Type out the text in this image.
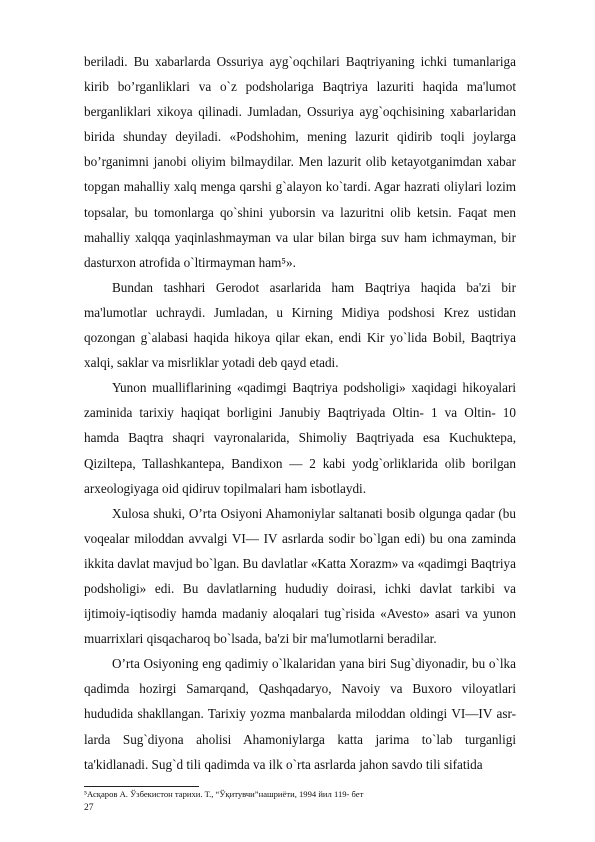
beriladi. Bu xabarlarda Ossuriya ayg`oqchilari Baqtriyaning ichki tumanlariga kirib bo’rganliklari va o`z podsholariga Baqtriya lazuriti haqida ma'lumot berganliklari xikoya qilinadi. Jumladan, Ossuriya ayg`oqchisining xabarlaridan birida shunday deyiladi. «Podshohim, mening lazurit qidirib toqli joylarga bo’rganimni janobi oliyim bilmaydilar. Men lazurit olib ketayotganimdan xabar topgan mahalliy xalq menga qarshi g`alayon ko`tardi. Agar hazrati oliylari lozim topsalar, bu tomonlarga qo`shini yuborsin va lazuritni olib ketsin. Faqat men mahalliy xalqqa yaqinlashmayman va ular bilan birga suv ham ichmayman, bir dasturxon atrofida o`ltirmayman ham⁵».

Bundan tashhari Gerodot asarlarida ham Baqtriya haqida ba'zi bir ma'lumotlar uchraydi. Jumladan, u Kirning Midiya podshosi Krez ustidan qozongan g`alabasi haqida hikoya qilar ekan, endi Kir yo`lida Bobil, Baqtriya xalqi, saklar va misrliklar yotadi deb qayd etadi.

Yunon mualliflarining «qadimgi Baqtriya podsholigi» xaqidagi hikoyalari zaminida tarixiy haqiqat borligini Janubiy Baqtriyada Oltin- 1 va Oltin- 10 hamda Baqtra shaqri vayronalarida, Shimoliy Baqtriyada esa Kuchuktepa, Qiziltepa, Tallashkantepa, Bandixon — 2 kabi yodg`orliklarida olib borilgan arxeologiyaga oid qidiruv topilmalari ham isbotlaydi.

Xulosa shuki, O’rta Osiyoni Ahamoniylar saltanati bosib olgunga qadar (bu voqealar miloddan avvalgi VI— IV asrlarda sodir bo`lgan edi) bu ona zaminda ikkita davlat mavjud bo`lgan. Bu davlatlar «Katta Xorazm» va «qadimgi Baqtriya podsholigi» edi. Bu davlatlarning hududiy doirasi, ichki davlat tarkibi va ijtimoiy-iqtisodiy hamda madaniy aloqalari tug`risida «Avesto» asari va yunon muarrixlari qisqacharoq bo`lsada, ba'zi bir ma'lumotlarni beradilar.

O’rta Osiyoning eng qadimiy o`lkalaridan yana biri Sug`diyonadir, bu o`lka qadimda hozirgi Samarqand, Qashqadaryo, Navoiy va Buxoro viloyatlari hududida shakllangan. Tarixiy yozma manbalarda miloddan oldingi VI—IV asr-larda Sug`diyona aholisi Ahamoniylarga katta jarima to`lab turganligi ta'kidlanadi. Sug`d tili qadimda va ilk o`rta asrlarda jahon savdo tili sifatida

⁵Асқаров А. Ўзбекистон тарихи. Т., “Ўқитувчи”нашриёти, 1994 йил 119- бет
27
